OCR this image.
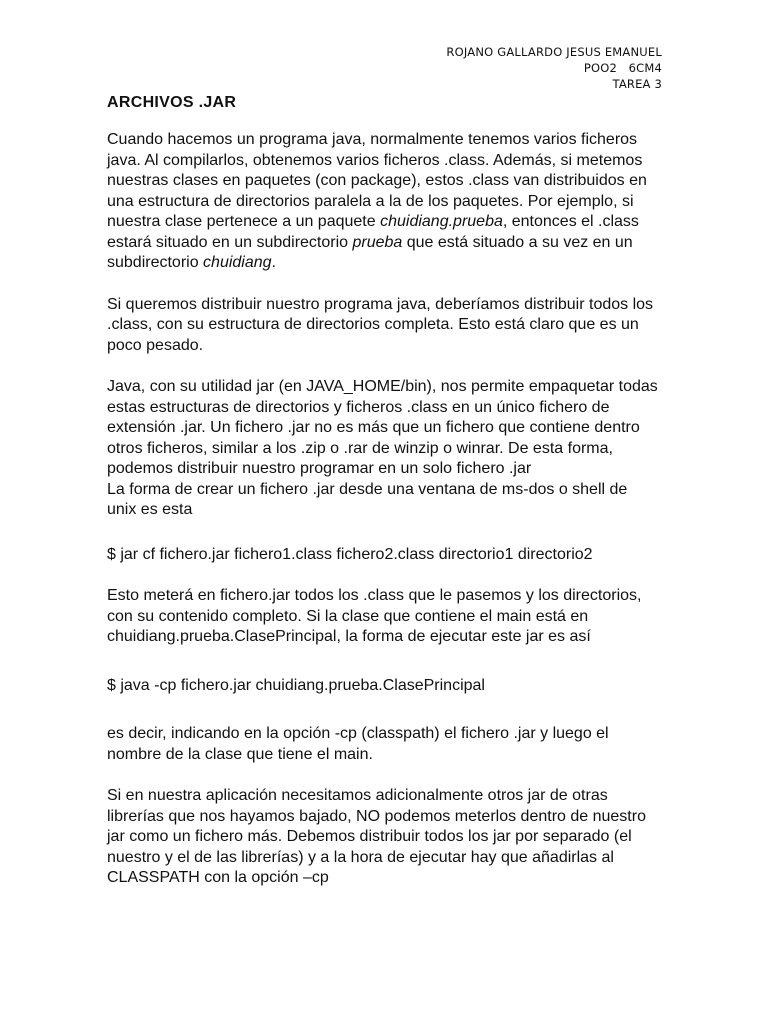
ROJANO GALLARDO JESUS EMANUEL
POO2   6CM4
TAREA 3
ARCHIVOS .JAR

Cuando hacemos un programa java, normalmente tenemos varios ficheros java. Al compilarlos, obtenemos varios ficheros .class. Además, si metemos nuestras clases en paquetes (con package), estos .class van distribuidos en una estructura de directorios paralela a la de los paquetes. Por ejemplo, si nuestra clase pertenece a un paquete chuidiang.prueba, entonces el .class estará situado en un subdirectorio prueba que está situado a su vez en un subdirectorio chuidiang.

Si queremos distribuir nuestro programa java, deberíamos distribuir todos los .class, con su estructura de directorios completa. Esto está claro que es un poco pesado.

Java, con su utilidad jar (en JAVA_HOME/bin), nos permite empaquetar todas estas estructuras de directorios y ficheros .class en un único fichero de extensión .jar. Un fichero .jar no es más que un fichero que contiene dentro otros ficheros, similar a los .zip o .rar de winzip o winrar. De esta forma, podemos distribuir nuestro programar en un solo fichero .jar

La forma de crear un fichero .jar desde una ventana de ms-dos o shell de unix es esta

$ jar cf fichero.jar fichero1.class fichero2.class directorio1 directorio2

Esto meterá en fichero.jar todos los .class que le pasemos y los directorios, con su contenido completo. Si la clase que contiene el main está en chuidiang.prueba.ClasePrincipal, la forma de ejecutar este jar es así

$ java -cp fichero.jar chuidiang.prueba.ClasePrincipal

es decir, indicando en la opción -cp (classpath) el fichero .jar y luego el nombre de la clase que tiene el main.

Si en nuestra aplicación necesitamos adicionalmente otros jar de otras librerías que nos hayamos bajado, NO podemos meterlos dentro de nuestro jar como un fichero más. Debemos distribuir todos los jar por separado (el nuestro y el de las librerías) y a la hora de ejecutar hay que añadirlas al CLASSPATH con la opción –cp
